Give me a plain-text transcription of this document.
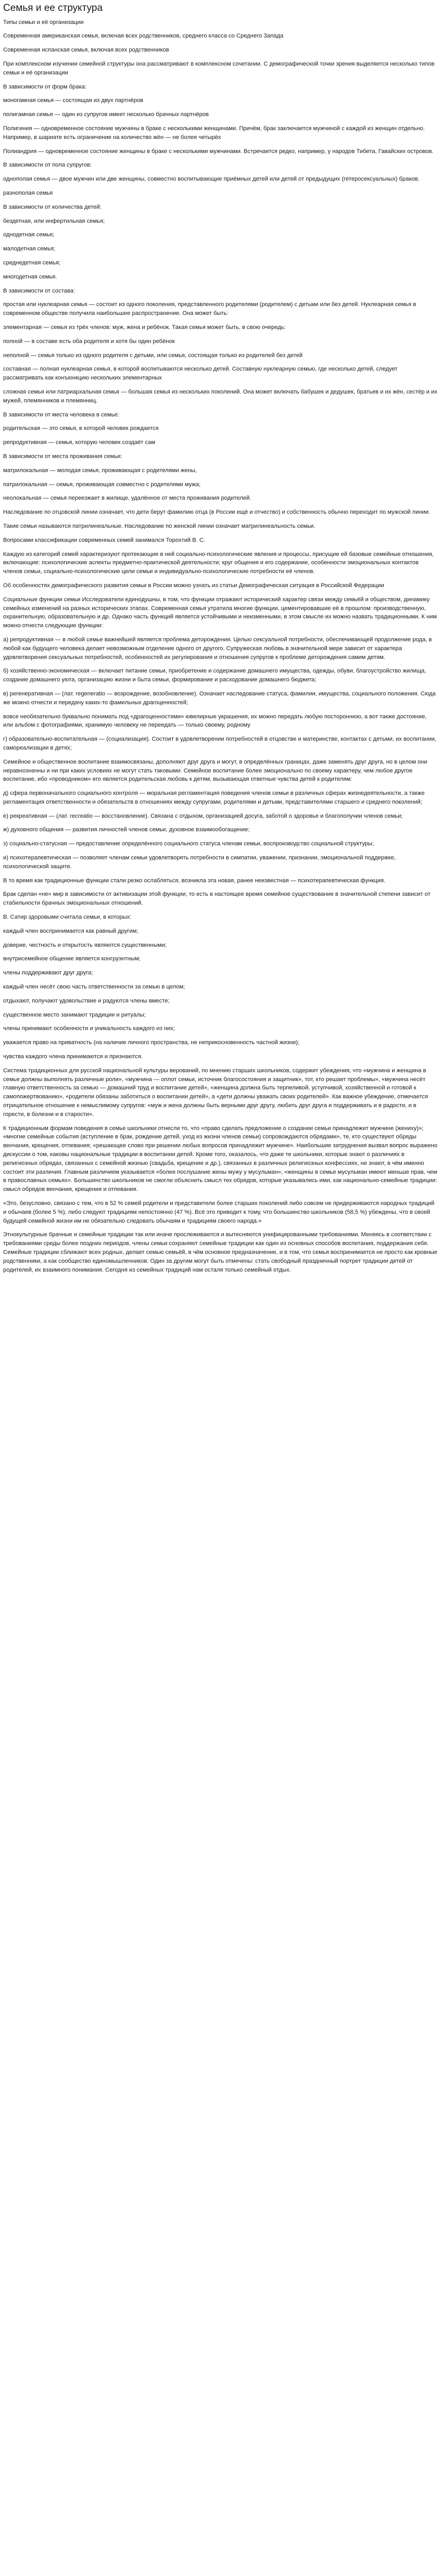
Семья и ее структура

Типы семьи и её организации

Современная американская семья, включая всех родственников, среднего класса со Среднего Запада

Современная испанская семья, включая всех родственников

При комплексном изучении семейной структуры она рассматривают в комплексном сочетании. С демографической точки зрения выделяется несколько типов семьи и её организации

В зависимости от форм брака:

моногамная семья — состоящая из двух партнёров

полигамная семья — один из супругов имеет несколько брачных партнёров

Полигиния — одновременное состояние мужчины в браке с несколькими женщинами. Причём, брак заключается мужчиной с каждой из женщин отдельно. Например, в шариате есть ограничение на количество жён — не более четырёх

Полиандрия — одновременное состояние женщины в браке с несколькими мужчинами. Встречается редко, например, у народов Тибета, Гавайских островов.

В зависимости от пола супругов:

однополая семья — двое мужчин или две женщины, совместно воспитывающие приёмных детей или детей от предыдущих (гетеросексуальных) браков.

разнополая семья

В зависимости от количества детей:

бездетная, или инфертильная семья;

однодетная семья;

малодетная семья;

среднедетная семья;

многодетная семья.

В зависимости от состава:

простая или нуклеарная семья — состоит из одного поколения, представленного родителями (родителем) с детьми или без детей. Нуклеарная семья в современном обществе получила наибольшее распространение. Она может быть:

элементарная — семья из трёх членов: муж, жена и ребёнок. Такая семья может быть, в свою очередь:

полной — в составе есть оба родителя и хотя бы один ребёнок

неполной — семья только из одного родителя с детьми, или семья, состоящая только из родителей без детей

составная — полная нуклеарная семья, в которой воспитываются несколько детей. Составную нуклеарную семью, где несколько детей, следует рассматривать как конъюнкцию нескольких элементарных

сложная семья или патриархальная семья — большая семья из нескольких поколений. Она может включать бабушек и дедушек, братьев и их жён, сестёр и их мужей, племянников и племянниц.

В зависимости от места человека в семье:

родительская — это семья, в которой человек рождается

репродуктивная — семья, которую человек создаёт сам

В зависимости от места проживания семьи:

матрилокальная — молодая семья, проживающая с родителями жены,

патрилокальная — семья, проживающая совместно с родителями мужа;

неолокальная — семья переезжает в жилище, удалённое от места проживания родителей.

Наследование по отцовской линии означает, что дети берут фамилию отца (в России ещё и отчество) и собственность обычно переходит по мужской линии.

Такие семьи называются патрилинеальные. Наследование по женской линии означает матрилинеальность семьи.

Вопросами классификации современных семей занимался Торохтий В. С.

Каждую из категорий семей характеризуют протекающие в ней социально-психологические явления и процессы, присущие ей базовые семейные отношения, включающие: психологические аспекты предметно-практической деятельности; круг общения и его содержание, особенности эмоциональных контактов членов семьи, социально-психологические цели семьи и индивидуально-психологические потребности её членов.

Об особенностях демографического развития семьи в России можно узнать из статьи Демографическая ситуация в Российской Федерации

Социальные функции семьи Исследователи единодушны, в том, что функции отражают исторический характер связи между семьёй и обществом, динамику семейных изменений на разных исторических этапах. Современная семья утратила многие функции, цементировавшие её в прошлом: производственную, охранительную, образовательную и др. Однако часть функций является устойчивыми и неизменными, в этом смысле их можно назвать традиционными. К ним можно отнести следующие функции:

а) репродуктивная — в любой семье важнейшей является проблема деторождения. Целью сексуальной потребности, обеспечивающей продолжение рода, в любой как будущего человека делает невозможным отделение одного от другого. Супружеская любовь в значительной мере зависит от характера удовлетворения сексуальных потребностей, особенностей их регулирования и отношения супругов к проблеме деторождения самим детям.

б) хозяйственно-экономическая — включает питание семьи, приобретение и содержание домашнего имущества, одежды, обуви, благоустройство жилища, создание домашнего уюта, организацию жизни и быта семьи, формирование и расходование домашнего бюджета;

в) регенеративная — (лат. regeneratio — возрождение, возобновление). Означает наследование статуса, фамилии, имущества, социального положения. Сюда же можно отнести и передачу каких-то фамильных драгоценностей;

вовсе необязательно буквально понимать под «драгоценностями» ювелирные украшения, их можно передать любую постороннюю, а вот также достояние, или альбом с фотографиями, хранимую человеку не переедать — только своему, родному

г) образовательно-воспитательная — (социализация). Состоит в удовлетворении потребностей в отцовстве и материнстве, контактах с детьми, их воспитании, самореализации в детях;

Семейное и общественное воспитание взаимосвязаны, дополняют друг друга и могут, в определённых границах, даже заменять друг друга, но в целом они неравнозначны и ни при каких условиях не могут стать таковыми. Семейное воспитание более эмоционально по своему характеру, чем любое другое воспитание, ибо «проводником» его является родительская любовь к детям, вызывающая ответные чувства детей к родителям:

д) сфера первоначального социального контроля — моральная регламентация поведения членов семьи в различных сферах жизнедеятельности, а также регламентация ответственности и обязательств в отношениях между супругами, родителями и детьми, представителями старшего и среднего поколений;

е) рекреативная — (лат. recreatio — восстановление). Связана с отдыхом, организацией досуга, заботой о здоровье и благополучии членов семьи;

ж) духовного общения — развития личностей членов семьи, духовное взаимообогащение;

з) социально-статусная — предоставление определённого социального статуса членам семьи, воспроизводство социальной структуры;

и) психотерапевтическая — позволяет членам семьи удовлетворять потребности в симпатии, уважении, признании, эмоциональной поддержке, психологической защите.

В то время как традиционные функции стали резко ослабляться, возникла эта новая, ранее неизвестная — психотерапевтическая функция.

Брак сделан «не» мир в зависимости от активизации этой функции, то есть в настоящее время семейное существование в значительной степени зависит от стабильности брачных эмоциональных отношений.

В. Сатир здоровыми считала семьи, в которых:

каждый член воспринимается как равный другим;

доверие, честность и открытость являются существенными;

внутрисемейное общение является конгруэнтным;

члены поддерживают друг друга;

каждый член несёт свою часть ответственности за семью в целом;

отдыхают, получают удовольствие и радуются члены вместе;

существенное место занимают традиции и ритуалы;

члены принимают особенности и уникальность каждого из них;

уважается право на приватность (на наличие личного пространства, не неприкосновенность частной жизни);

чувства каждого члена принимаются и признаются.

Система традиционных для русской национальной культуры верований, по мнению старших школьников, содержит убеждения, что «мужчина и женщина в семье должны выполнять различные роли», «мужчина — оплот семьи, источник благосостояния и защитник», тот, кто решает проблемы», «мужчина несёт главную ответственность за семью — домашний труд и воспитание детей», «женщина должна быть терпеливой, уступчивой, хозяйственной и готовой к самопожертвованию», «родители обязаны заботиться о воспитании детей», а «дети должны уважать своих родителей». Как важное убеждение, отмечается отрицательное отношение к немыслимому супругов: «муж и жена должны быть верными друг другу, любить друг друга и поддерживать и в радости, и в горести, в болезни и в старости».

К традиционным формам поведения в семье школьники отнесли то, что «право сделать предложение о создании семьи принадлежит мужчине (жениху)»; «многие семейные события (вступление в брак, рождение детей, уход из жизни членов семьи) сопровождаются обрядами», те, кто существуют обряды венчания, крещения, отпевания; «решающее слово при решении любых вопросов принадлежит мужчине». Наибольшие затруднения вызвал вопрос выражено дискуссии о том, каковы национальные традиции в воспитании детей. Кроме того, оказалось, что даже те школьники, которые знают о различиях в религиозных обрядах, связанных с семейной жизнью (свадьба, крещение и др.), связанных в различных религиозных конфессиях, не знают, в чём именно состоит эти различия. Главным различием указывается «более послушание жены мужу у мусульман», «женщины в семье мусульман имеют меньше прав, чем в православных семьях». Большинство школьников не смогли объяснить смысл тех обрядов, которые указывались ими, как национально-семейные традиции: смысл обрядов венчания, крещения и отпевания.

«Это, безусловно, связано с тем, что в 52 % семей родители и представители более старших поколений либо совсем не придерживаются народных традиций и обычаев (более 5 %), либо следуют традициям непостоянно (47 %). Всё это приводит к тому, что большинство школьников (58,5 %) убеждены, что в своей будущей семейной жизни им не обязательно следовать обычаям и традициям своего народа.»

Этнокультурные брачные и семейные традиции так или иначе прослеживаются и вытесняются унифицированными требованиями. Меняясь в соответствии с требованиями среды более поздних периодов, члены семьи сохраняют семейные традиции как один из основных способов воспитания, поддержания себя. Семейные традиции сближают всех родных, делает семью семьёй, в чём основное предназначение, и в том, что семья воспринимается не просто как кровные родственники, а как сообщество единомышленников. Один за другим могут быть отмечены: стать свободный праздничный портрет традиции детей от родителей, их взаимного понимания. Сегодня из семейных традиций нам осталя только семейный отдых.
